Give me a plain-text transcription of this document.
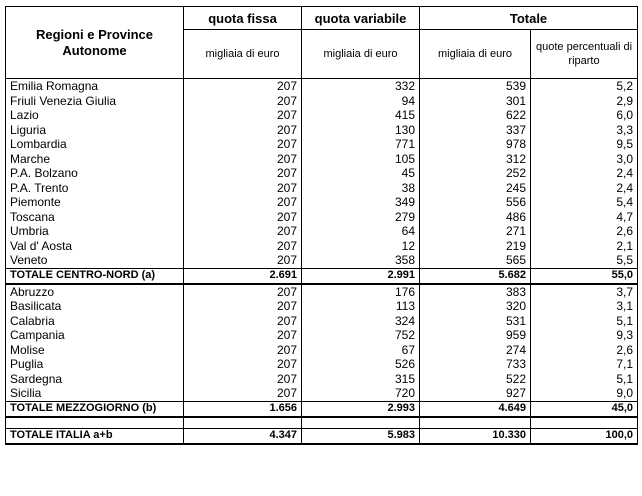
Regioni e Province Autonome	quota fissa	quota variabile	Totale	
	migliaia di euro	migliaia di euro	migliaia di euro	quote percentuali di riparto
Emilia Romagna	207	332	539	5,2
Friuli Venezia Giulia	207	94	301	2,9
Lazio	207	415	622	6,0
Liguria	207	130	337	3,3
Lombardia	207	771	978	9,5
Marche	207	105	312	3,0
P.A. Bolzano	207	45	252	2,4
P.A. Trento	207	38	245	2,4
Piemonte	207	349	556	5,4
Toscana	207	279	486	4,7
Umbria	207	64	271	2,6
Val d' Aosta	207	12	219	2,1
Veneto	207	358	565	5,5
TOTALE CENTRO-NORD (a)	2.691	2.991	5.682	55,0
Abruzzo	207	176	383	3,7
Basilicata	207	113	320	3,1
Calabria	207	324	531	5,1
Campania	207	752	959	9,3
Molise	207	67	274	2,6
Puglia	207	526	733	7,1
Sardegna	207	315	522	5,1
Sicilia	207	720	927	9,0
TOTALE MEZZOGIORNO (b)	1.656	2.993	4.649	45,0

TOTALE ITALIA a+b	4.347	5.983	10.330	100,0
